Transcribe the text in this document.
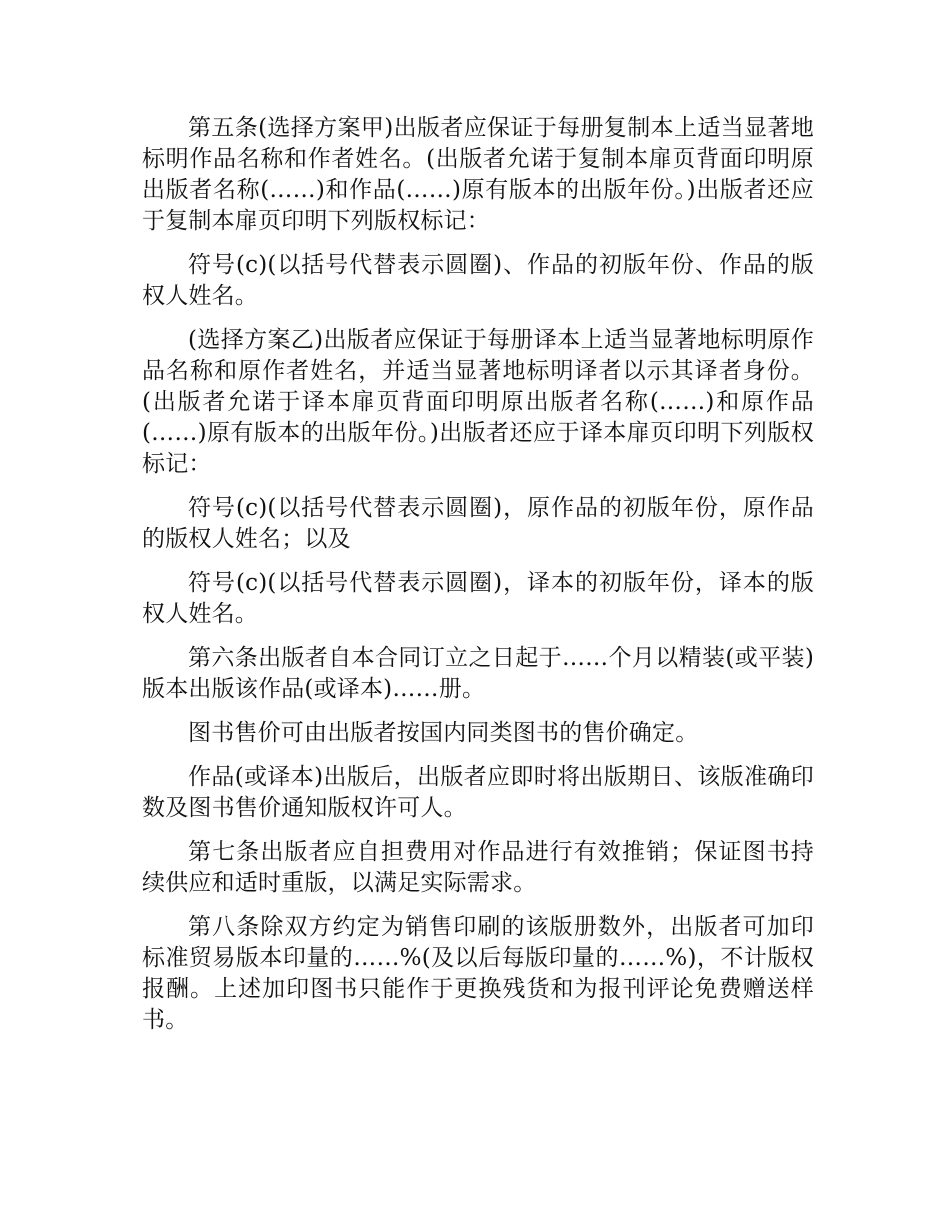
第五条(选择方案甲)出版者应保证于每册复制本上适当显著地标明作品名称和作者姓名。(出版者允诺于复制本扉页背面印明原出版者名称(……)和作品(……)原有版本的出版年份。)出版者还应于复制本扉页印明下列版权标记：

符号(c)(以括号代替表示圆圈)、作品的初版年份、作品的版权人姓名。

(选择方案乙)出版者应保证于每册译本上适当显著地标明原作品名称和原作者姓名，并适当显著地标明译者以示其译者身份。(出版者允诺于译本扉页背面印明原出版者名称(……)和原作品(……)原有版本的出版年份。)出版者还应于译本扉页印明下列版权标记：

符号(c)(以括号代替表示圆圈)，原作品的初版年份，原作品的版权人姓名；以及

符号(c)(以括号代替表示圆圈)，译本的初版年份，译本的版权人姓名。

第六条出版者自本合同订立之日起于……个月以精装(或平装)版本出版该作品(或译本)……册。

图书售价可由出版者按国内同类图书的售价确定。

作品(或译本)出版后，出版者应即时将出版期日、该版准确印数及图书售价通知版权许可人。

第七条出版者应自担费用对作品进行有效推销；保证图书持续供应和适时重版，以满足实际需求。

第八条除双方约定为销售印刷的该版册数外，出版者可加印标准贸易版本印量的……%(及以后每版印量的……%)，不计版权报酬。上述加印图书只能作于更换残货和为报刊评论免费赠送样书。
